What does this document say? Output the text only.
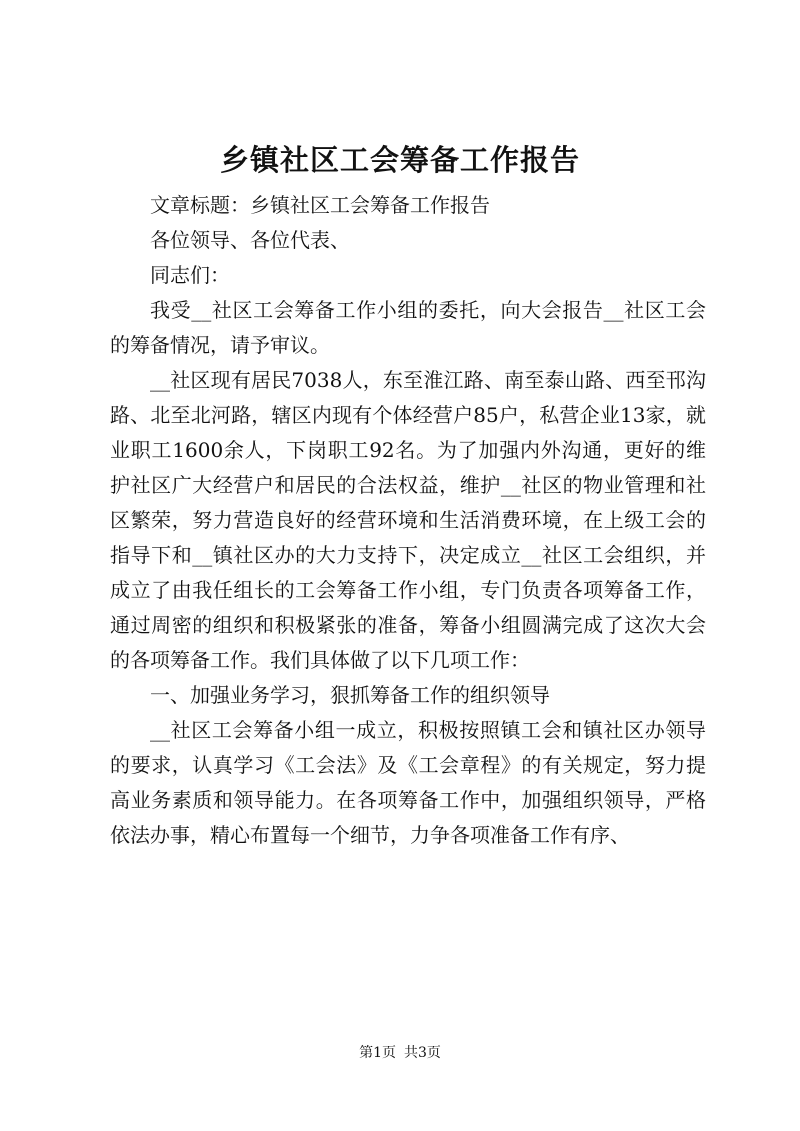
乡镇社区工会筹备工作报告

文章标题：乡镇社区工会筹备工作报告

各位领导、各位代表、

同志们：

我受__社区工会筹备工作小组的委托，向大会报告__社区工会的筹备情况，请予审议。

__社区现有居民7038人，东至淮江路、南至泰山路、西至邗沟路、北至北河路，辖区内现有个体经营户85户，私营企业13家，就业职工1600余人，下岗职工92名。为了加强内外沟通，更好的维护社区广大经营户和居民的合法权益，维护__社区的物业管理和社区繁荣，努力营造良好的经营环境和生活消费环境，在上级工会的指导下和__镇社区办的大力支持下，决定成立__社区工会组织，并成立了由我任组长的工会筹备工作小组，专门负责各项筹备工作，通过周密的组织和积极紧张的准备，筹备小组圆满完成了这次大会的各项筹备工作。我们具体做了以下几项工作：

一、加强业务学习，狠抓筹备工作的组织领导

__社区工会筹备小组一成立，积极按照镇工会和镇社区办领导的要求，认真学习《工会法》及《工会章程》的有关规定，努力提高业务素质和领导能力。在各项筹备工作中，加强组织领导，严格依法办事，精心布置每一个细节，力争各项准备工作有序、

第1页 共3页
